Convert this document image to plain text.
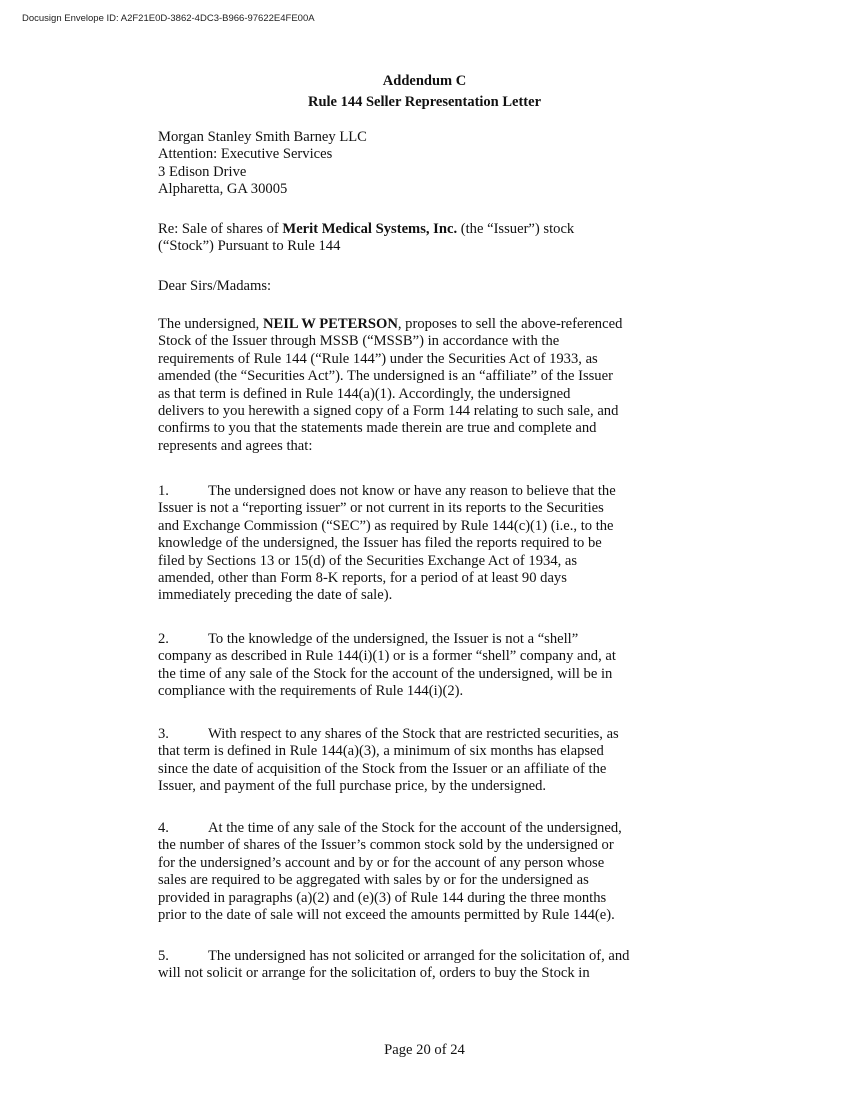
Docusign Envelope ID: A2F21E0D-3862-4DC3-B966-97622E4FE00A
Addendum C
Rule 144 Seller Representation Letter
Morgan Stanley Smith Barney LLC
Attention: Executive Services
3 Edison Drive
Alpharetta, GA 30005
Re: Sale of shares of Merit Medical Systems, Inc. (the “Issuer”) stock
(“Stock”) Pursuant to Rule 144
Dear Sirs/Madams:
The undersigned, NEIL W PETERSON, proposes to sell the above-referenced
Stock of the Issuer through MSSB (“MSSB”) in accordance with the
requirements of Rule 144 (“Rule 144”) under the Securities Act of 1933, as
amended (the “Securities Act”). The undersigned is an “affiliate” of the Issuer
as that term is defined in Rule 144(a)(1). Accordingly, the undersigned
delivers to you herewith a signed copy of a Form 144 relating to such sale, and
confirms to you that the statements made therein are true and complete and
represents and agrees that:
1.	The undersigned does not know or have any reason to believe that the
Issuer is not a “reporting issuer” or not current in its reports to the Securities
and Exchange Commission (“SEC”) as required by Rule 144(c)(1) (i.e., to the
knowledge of the undersigned, the Issuer has filed the reports required to be
filed by Sections 13 or 15(d) of the Securities Exchange Act of 1934, as
amended, other than Form 8-K reports, for a period of at least 90 days
immediately preceding the date of sale).
2.	To the knowledge of the undersigned, the Issuer is not a “shell”
company as described in Rule 144(i)(1) or is a former “shell” company and, at
the time of any sale of the Stock for the account of the undersigned, will be in
compliance with the requirements of Rule 144(i)(2).
3.	With respect to any shares of the Stock that are restricted securities, as
that term is defined in Rule 144(a)(3), a minimum of six months has elapsed
since the date of acquisition of the Stock from the Issuer or an affiliate of the
Issuer, and payment of the full purchase price, by the undersigned.
4.	At the time of any sale of the Stock for the account of the undersigned,
the number of shares of the Issuer’s common stock sold by the undersigned or
for the undersigned’s account and by or for the account of any person whose
sales are required to be aggregated with sales by or for the undersigned as
provided in paragraphs (a)(2) and (e)(3) of Rule 144 during the three months
prior to the date of sale will not exceed the amounts permitted by Rule 144(e).
5.	The undersigned has not solicited or arranged for the solicitation of, and
will not solicit or arrange for the solicitation of, orders to buy the Stock in
Page 20 of 24
